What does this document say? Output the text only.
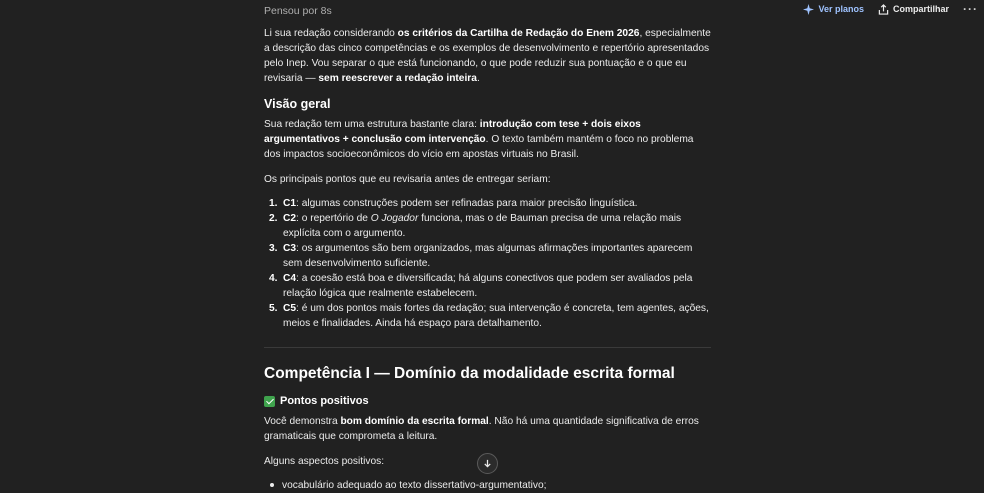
Ver planos	Compartilhar ···
Pensou por 8s

Li sua redação considerando os critérios da Cartilha de Redação do Enem 2026, especialmente a descrição das cinco competências e os exemplos de desenvolvimento e repertório apresentados pelo Inep. Vou separar o que está funcionando, o que pode reduzir sua pontuação e o que eu revisaria — sem reescrever a redação inteira.

Visão geral

Sua redação tem uma estrutura bastante clara: introdução com tese + dois eixos argumentativos + conclusão com intervenção. O texto também mantém o foco no problema dos impactos socioeconômicos do vício em apostas virtuais no Brasil.

Os principais pontos que eu revisaria antes de entregar seriam:

1. C1: algumas construções podem ser refinadas para maior precisão linguística.
2. C2: o repertório de O Jogador funciona, mas o de Bauman precisa de uma relação mais explícita com o argumento.
3. C3: os argumentos são bem organizados, mas algumas afirmações importantes aparecem sem desenvolvimento suficiente.
4. C4: a coesão está boa e diversificada; há alguns conectivos que podem ser avaliados pela relação lógica que realmente estabelecem.
5. C5: é um dos pontos mais fortes da redação; sua intervenção é concreta, tem agentes, ações, meios e finalidades. Ainda há espaço para detalhamento.
Competência I — Domínio da modalidade escrita formal
Pontos positivos

Você demonstra bom domínio da escrita formal. Não há uma quantidade significativa de erros gramaticais que comprometa a leitura.

Alguns aspectos positivos:

vocabulário adequado ao texto dissertativo-argumentativo;
